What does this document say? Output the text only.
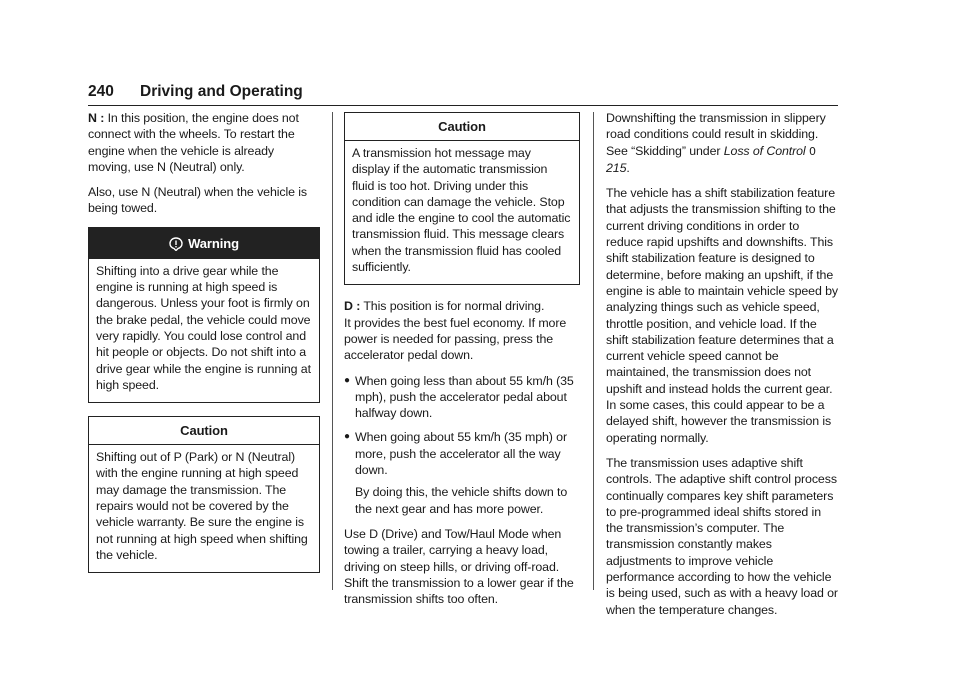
240 Driving and Operating

N : In this position, the engine does not connect with the wheels. To restart the engine when the vehicle is already moving, use N (Neutral) only.

Also, use N (Neutral) when the vehicle is being towed.

Warning
Shifting into a drive gear while the engine is running at high speed is dangerous. Unless your foot is firmly on the brake pedal, the vehicle could move very rapidly. You could lose control and hit people or objects. Do not shift into a drive gear while the engine is running at high speed.
Caution
Shifting out of P (Park) or N (Neutral) with the engine running at high speed may damage the transmission. The repairs would not be covered by the vehicle warranty. Be sure the engine is not running at high speed when shifting the vehicle.
Caution
A transmission hot message may display if the automatic transmission fluid is too hot. Driving under this condition can damage the vehicle. Stop and idle the engine to cool the automatic transmission fluid. This message clears when the transmission fluid has cooled sufficiently.

D : This position is for normal driving.

It provides the best fuel economy. If more power is needed for passing, press the accelerator pedal down.

● When going less than about 55 km/h (35 mph), push the accelerator pedal about halfway down.
● When going about 55 km/h (35 mph) or more, push the accelerator all the way down.
By doing this, the vehicle shifts down to the next gear and has more power.

Use D (Drive) and Tow/Haul Mode when towing a trailer, carrying a heavy load, driving on steep hills, or driving off-road. Shift the transmission to a lower gear if the transmission shifts too often.

Downshifting the transmission in slippery road conditions could result in skidding. See “Skidding” under Loss of Control 0 215.

The vehicle has a shift stabilization feature that adjusts the transmission shifting to the current driving conditions in order to reduce rapid upshifts and downshifts. This shift stabilization feature is designed to determine, before making an upshift, if the engine is able to maintain vehicle speed by analyzing things such as vehicle speed, throttle position, and vehicle load. If the shift stabilization feature determines that a current vehicle speed cannot be maintained, the transmission does not upshift and instead holds the current gear. In some cases, this could appear to be a delayed shift, however the transmission is operating normally.

The transmission uses adaptive shift controls. The adaptive shift control process continually compares key shift parameters to pre-programmed ideal shifts stored in the transmission’s computer. The transmission constantly makes adjustments to improve vehicle performance according to how the vehicle is being used, such as with a heavy load or when the temperature changes.
